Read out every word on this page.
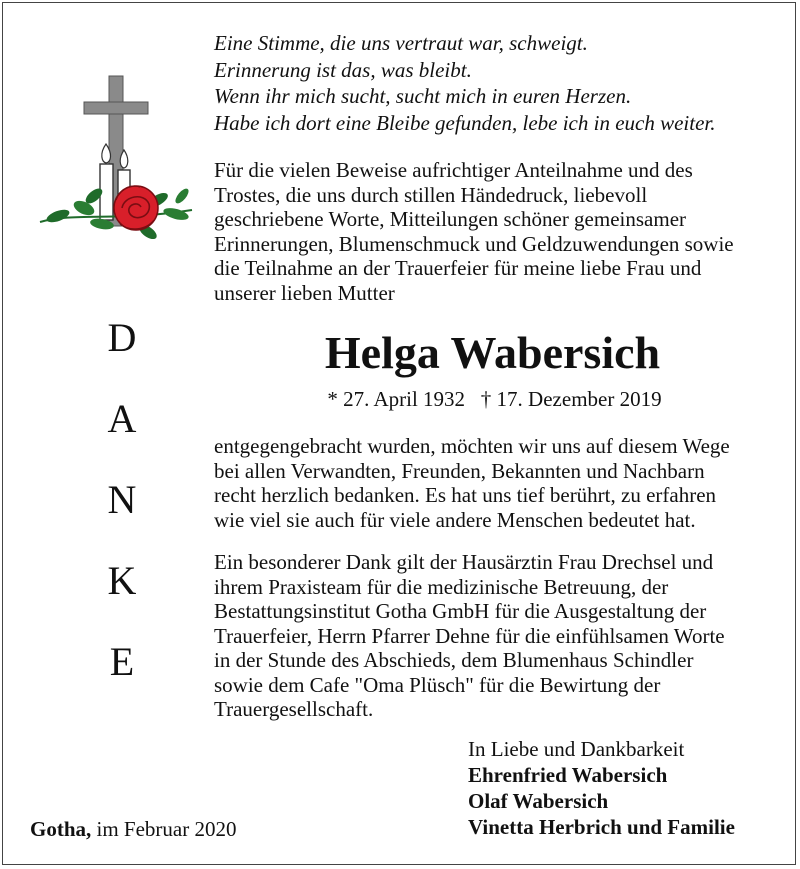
Eine Stimme, die uns vertraut war, schweigt.
Erinnerung ist das, was bleibt.
Wenn ihr mich sucht, sucht mich in euren Herzen.
Habe ich dort eine Bleibe gefunden, lebe ich in euch weiter.
Für die vielen Beweise aufrichtiger Anteilnahme und des
Trostes, die uns durch stillen Händedruck, liebevoll
geschriebene Worte, Mitteilungen schöner gemeinsamer
Erinnerungen, Blumenschmuck und Geldzuwendungen sowie
die Teilnahme an der Trauerfeier für meine liebe Frau und
unserer lieben Mutter
Helga Wabersich
* 27. April 1932   † 17. Dezember 2019
D
A
N
K
E
entgegengebracht wurden, möchten wir uns auf diesem Wege
bei allen Verwandten, Freunden, Bekannten und Nachbarn
recht herzlich bedanken. Es hat uns tief berührt, zu erfahren
wie viel sie auch für viele andere Menschen bedeutet hat.
Ein besonderer Dank gilt der Hausärztin Frau Drechsel und
ihrem Praxisteam für die medizinische Betreuung, der
Bestattungsinstitut Gotha GmbH für die Ausgestaltung der
Trauerfeier, Herrn Pfarrer Dehne für die einfühlsamen Worte
in der Stunde des Abschieds, dem Blumenhaus Schindler
sowie dem Cafe "Oma Plüsch" für die Bewirtung der
Trauergesellschaft.
In Liebe und Dankbarkeit
Ehrenfried Wabersich
Olaf Wabersich
Vinetta Herbrich und Familie
Gotha, im Februar 2020
